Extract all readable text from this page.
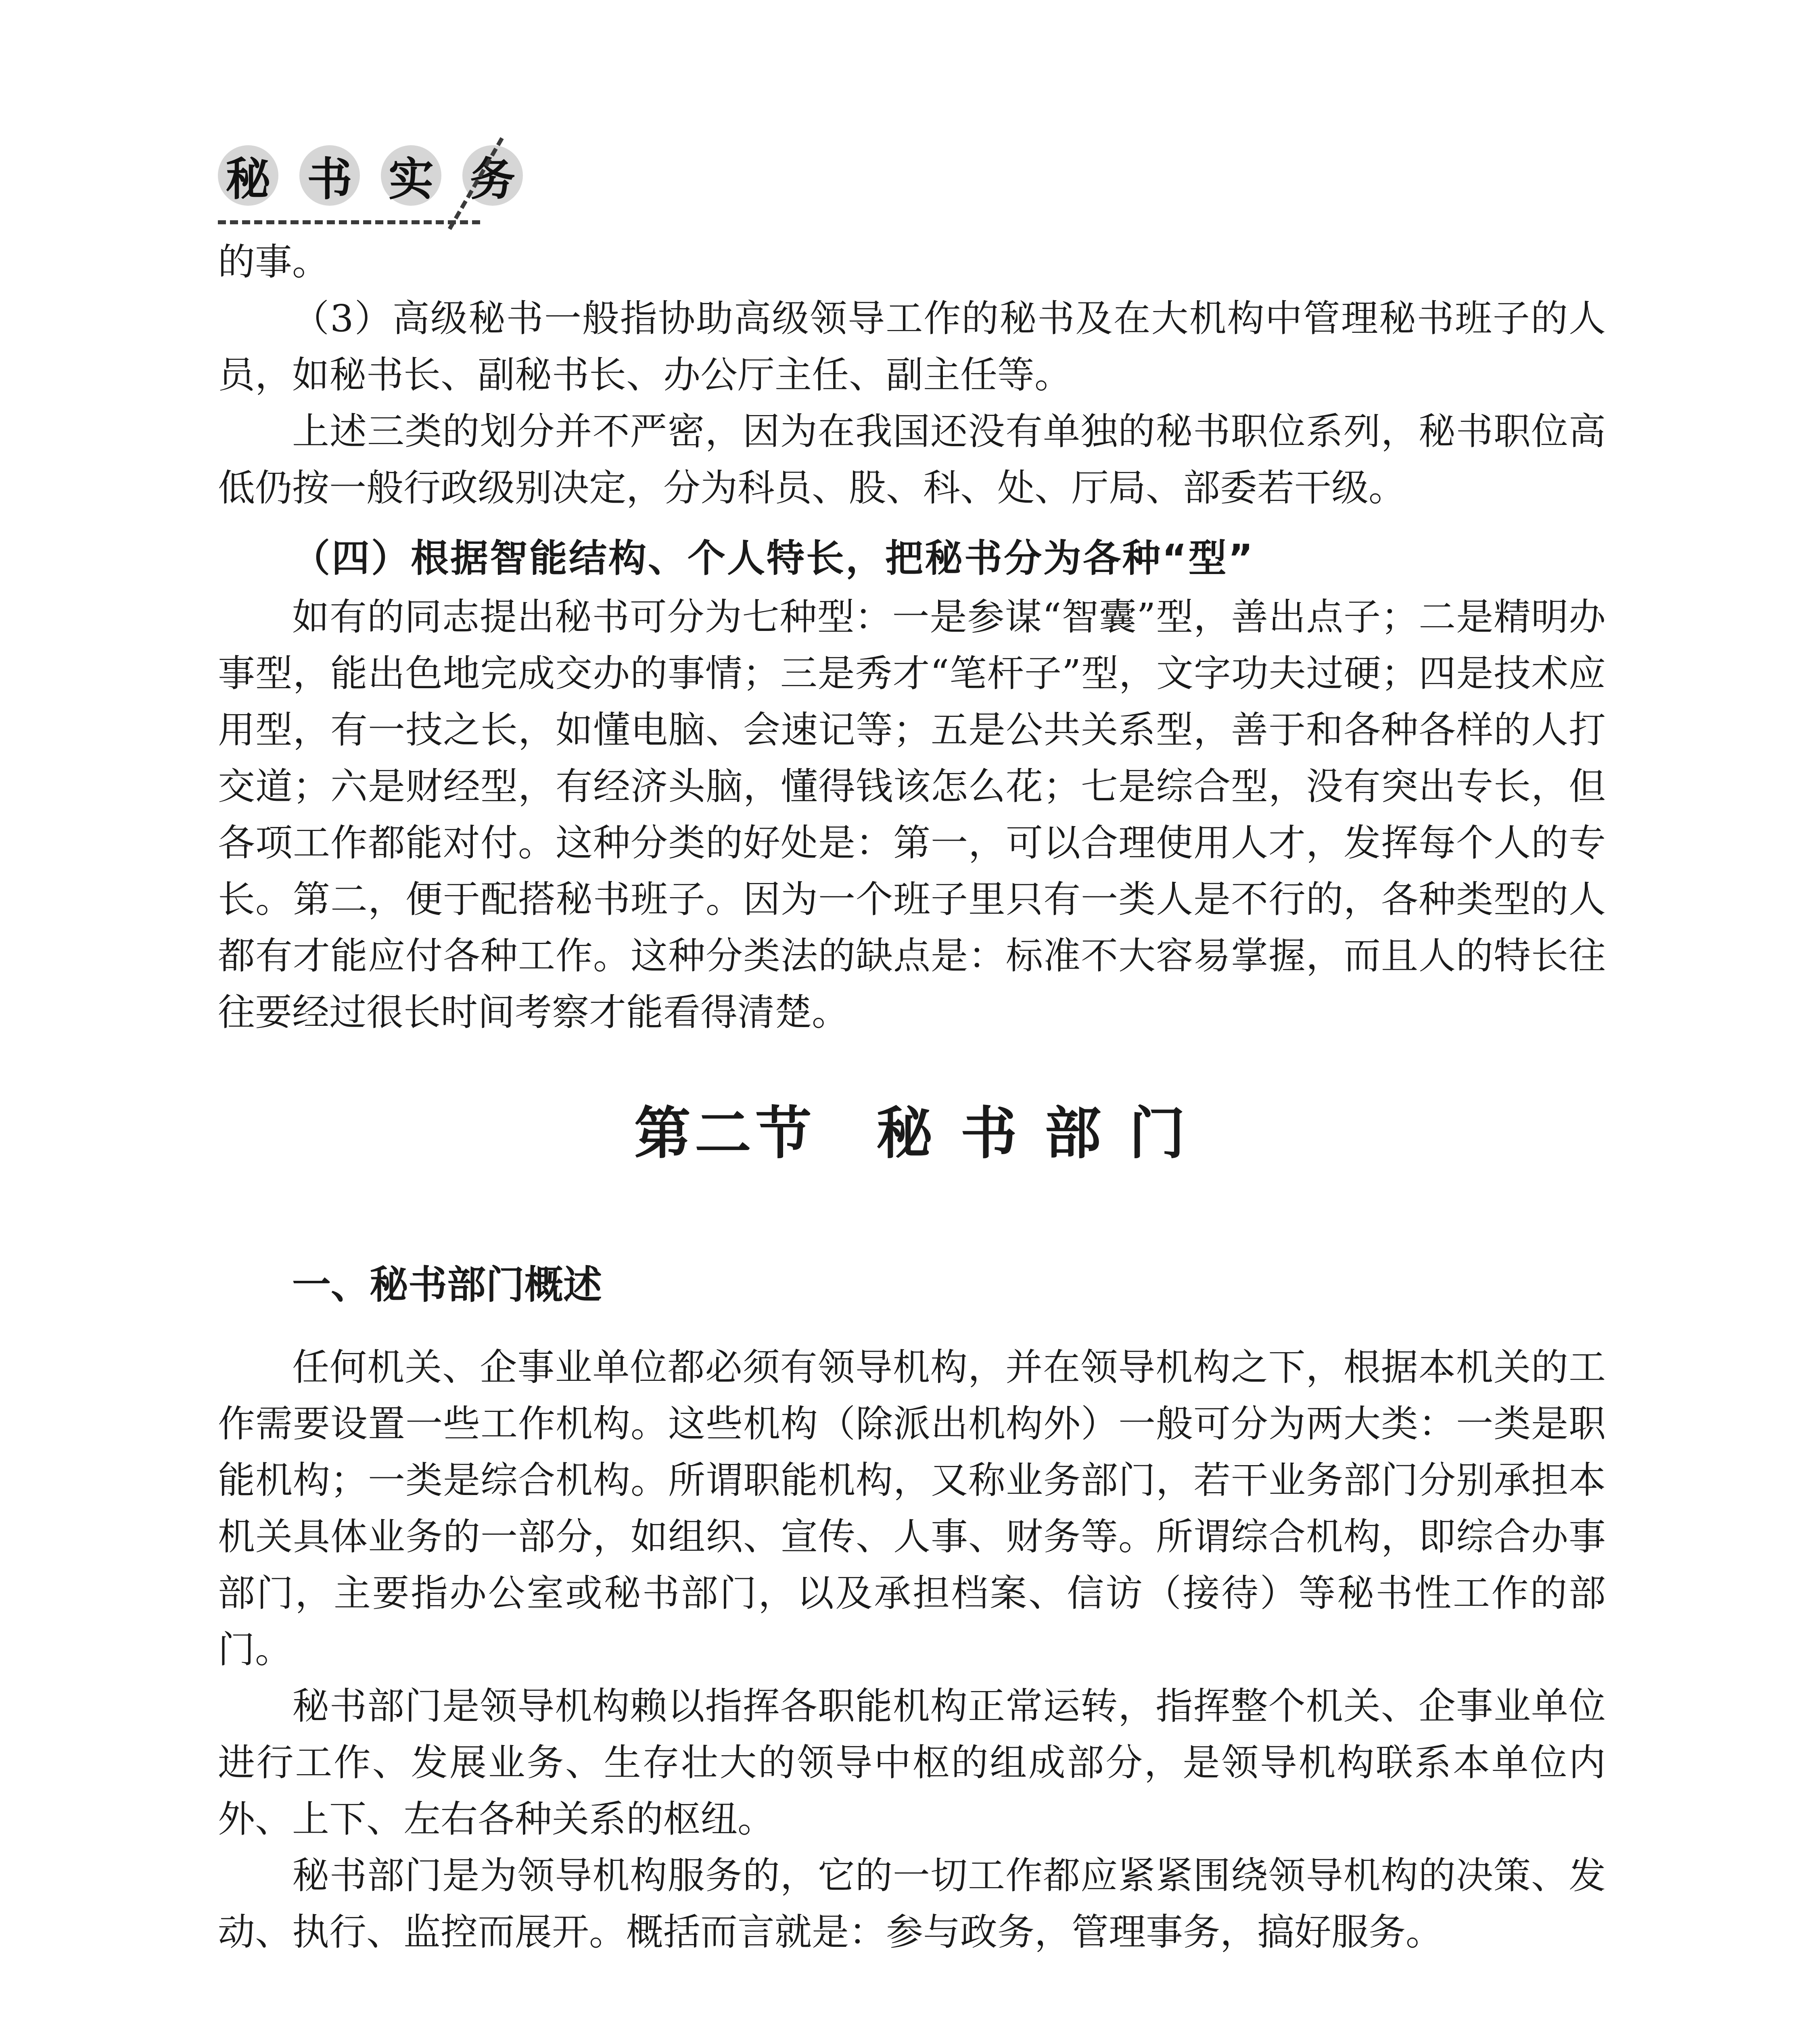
秘 书 实 务

的事。

（3）高级秘书一般指协助高级领导工作的秘书及在大机构中管理秘书班子的人员，如秘书长、副秘书长、办公厅主任、副主任等。

上述三类的划分并不严密，因为在我国还没有单独的秘书职位系列，秘书职位高低仍按一般行政级别决定，分为科员、股、科、处、厅局、部委若干级。

（四）根据智能结构、个人特长，把秘书分为各种“型”

如有的同志提出秘书可分为七种型：一是参谋“智囊”型，善出点子；二是精明办事型，能出色地完成交办的事情；三是秀才“笔杆子”型，文字功夫过硬；四是技术应用型，有一技之长，如懂电脑、会速记等；五是公共关系型，善于和各种各样的人打交道；六是财经型，有经济头脑，懂得钱该怎么花；七是综合型，没有突出专长，但各项工作都能对付。这种分类的好处是：第一，可以合理使用人才，发挥每个人的专长。第二，便于配搭秘书班子。因为一个班子里只有一类人是不行的，各种类型的人都有才能应付各种工作。这种分类法的缺点是：标准不大容易掌握，而且人的特长往往要经过很长时间考察才能看得清楚。

第二节　秘 书 部 门
一、秘书部门概述

任何机关、企事业单位都必须有领导机构，并在领导机构之下，根据本机关的工作需要设置一些工作机构。这些机构（除派出机构外）一般可分为两大类：一类是职能机构；一类是综合机构。所谓职能机构，又称业务部门，若干业务部门分别承担本机关具体业务的一部分，如组织、宣传、人事、财务等。所谓综合机构，即综合办事部门，主要指办公室或秘书部门，以及承担档案、信访（接待）等秘书性工作的部门。

秘书部门是领导机构赖以指挥各职能机构正常运转，指挥整个机关、企事业单位进行工作、发展业务、生存壮大的领导中枢的组成部分，是领导机构联系本单位内外、上下、左右各种关系的枢纽。

秘书部门是为领导机构服务的，它的一切工作都应紧紧围绕领导机构的决策、发动、执行、监控而展开。概括而言就是：参与政务，管理事务，搞好服务。
